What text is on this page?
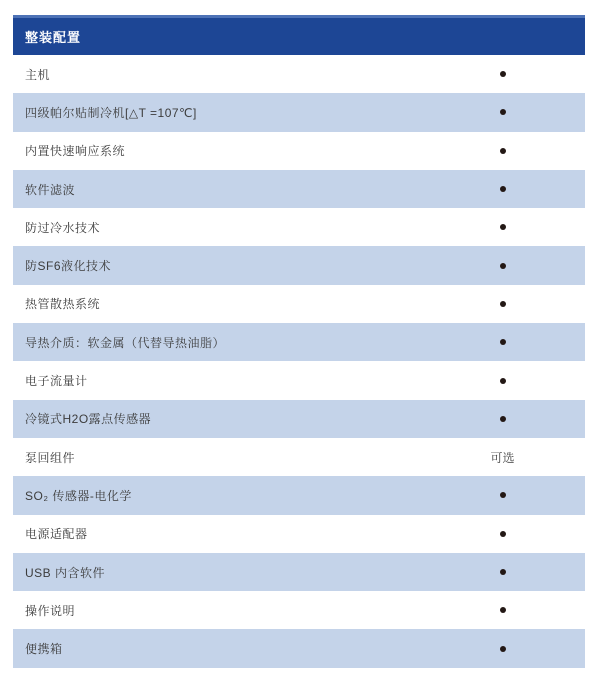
整装配置
主机
四级帕尔贴制冷机[△T =107℃]
内置快速响应系统
软件滤波
防过冷水技术
防SF6液化技术
热管散热系统
导热介质：软金属（代替导热油脂）
电子流量计
冷镜式H2O露点传感器
泵回组件	可选
SO₂ 传感器-电化学
电源适配器
USB 内含软件
操作说明
便携箱
